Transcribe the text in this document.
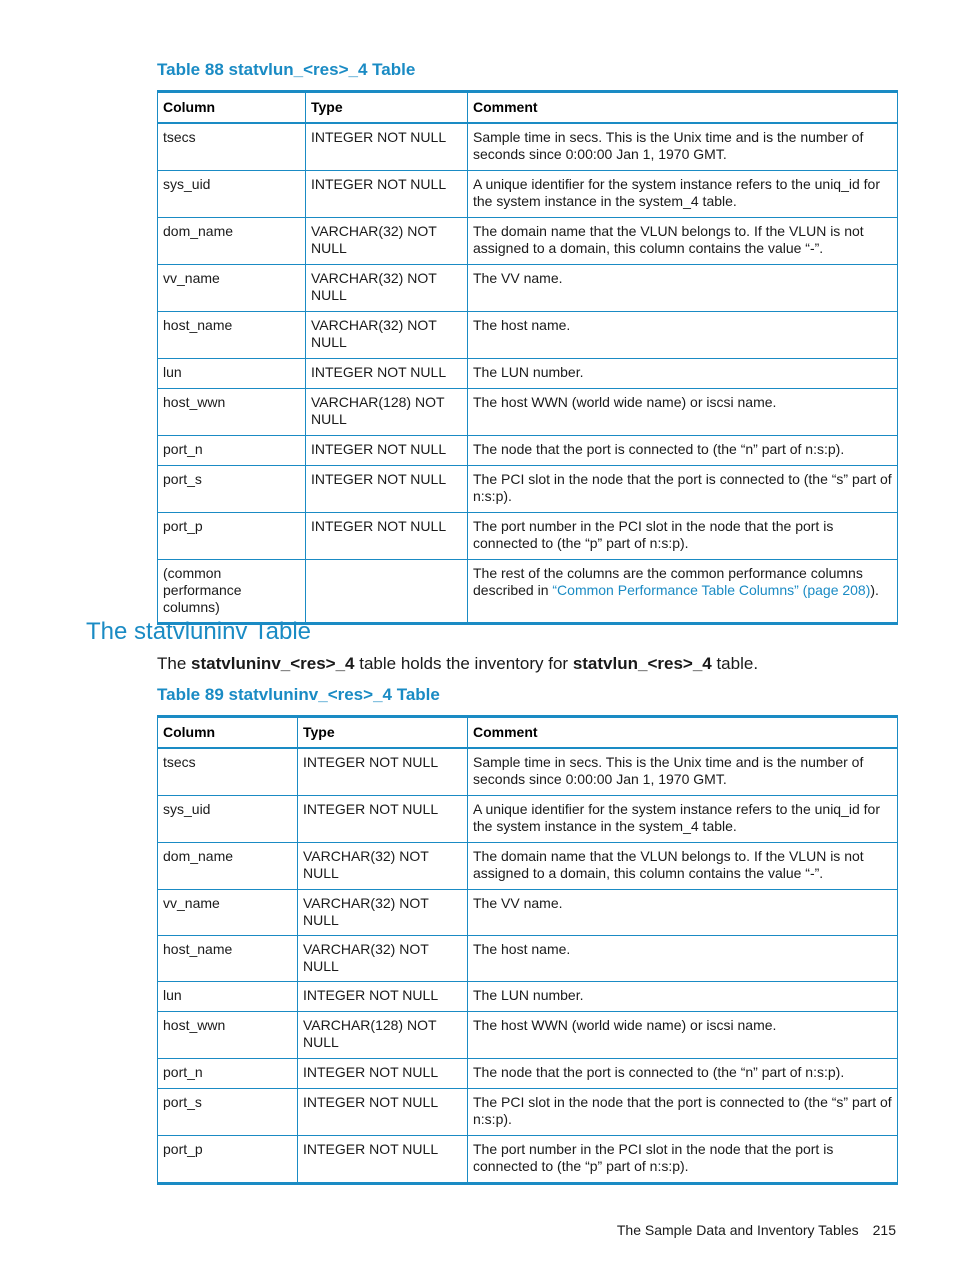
Table 88 statvlun_<res>_4 Table
Column	Type	Comment
tsecs	INTEGER NOT NULL	Sample time in secs. This is the Unix time and is the number of seconds since 0:00:00 Jan 1, 1970 GMT.
sys_uid	INTEGER NOT NULL	A unique identifier for the system instance refers to the uniq_id for the system instance in the system_4 table.
dom_name	VARCHAR(32) NOT NULL	The domain name that the VLUN belongs to. If the VLUN is not assigned to a domain, this column contains the value “-”.
vv_name	VARCHAR(32) NOT NULL	The VV name.
host_name	VARCHAR(32) NOT NULL	The host name.
lun	INTEGER NOT NULL	The LUN number.
host_wwn	VARCHAR(128) NOT NULL	The host WWN (world wide name) or iscsi name.
port_n	INTEGER NOT NULL	The node that the port is connected to (the “n” part of n:s:p).
port_s	INTEGER NOT NULL	The PCI slot in the node that the port is connected to (the “s” part of n:s:p).
port_p	INTEGER NOT NULL	The port number in the PCI slot in the node that the port is connected to (the “p” part of n:s:p).
(common performance columns)		The rest of the columns are the common performance columns described in “Common Performance Table Columns” (page 208)).
The statvluninv Table
The statvluninv_<res>_4 table holds the inventory for statvlun_<res>_4 table.
Table 89 statvluninv_<res>_4 Table
Column	Type	Comment
tsecs	INTEGER NOT NULL	Sample time in secs. This is the Unix time and is the number of seconds since 0:00:00 Jan 1, 1970 GMT.
sys_uid	INTEGER NOT NULL	A unique identifier for the system instance refers to the uniq_id for the system instance in the system_4 table.
dom_name	VARCHAR(32) NOT NULL	The domain name that the VLUN belongs to. If the VLUN is not assigned to a domain, this column contains the value “-”.
vv_name	VARCHAR(32) NOT NULL	The VV name.
host_name	VARCHAR(32) NOT NULL	The host name.
lun	INTEGER NOT NULL	The LUN number.
host_wwn	VARCHAR(128) NOT NULL	The host WWN (world wide name) or iscsi name.
port_n	INTEGER NOT NULL	The node that the port is connected to (the “n” part of n:s:p).
port_s	INTEGER NOT NULL	The PCI slot in the node that the port is connected to (the “s” part of n:s:p).
port_p	INTEGER NOT NULL	The port number in the PCI slot in the node that the port is connected to (the “p” part of n:s:p).
The Sample Data and Inventory Tables 215
